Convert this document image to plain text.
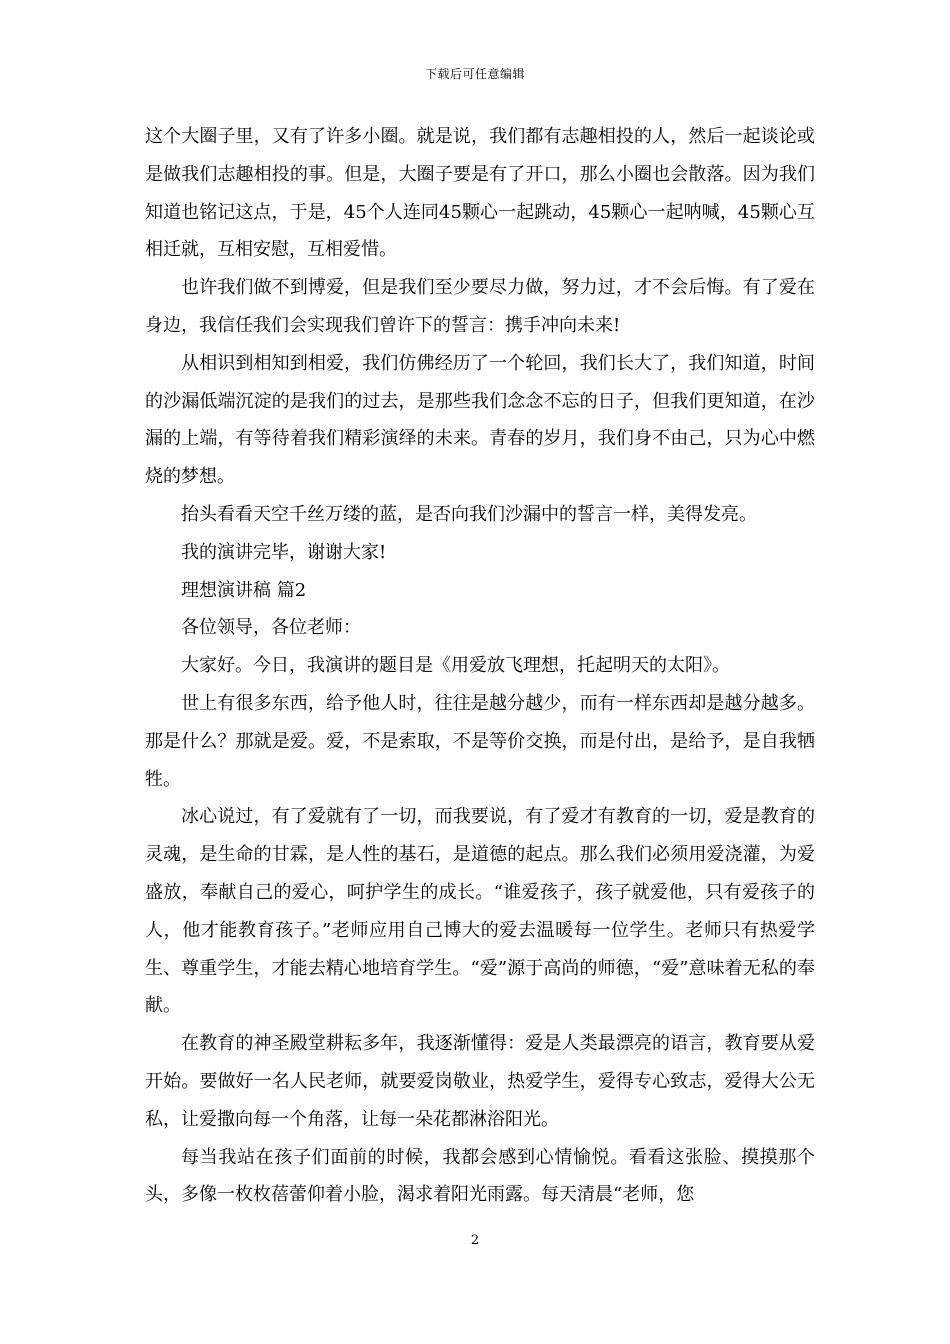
下载后可任意编辑

这个大圈子里，又有了许多小圈。就是说，我们都有志趣相投的人，然后一起谈论或是做我们志趣相投的事。但是，大圈子要是有了开口，那么小圈也会散落。因为我们知道也铭记这点，于是，45个人连同45颗心一起跳动，45颗心一起呐喊，45颗心互相迁就，互相安慰，互相爱惜。

也许我们做不到博爱，但是我们至少要尽力做，努力过，才不会后悔。有了爱在身边，我信任我们会实现我们曾许下的誓言：携手冲向未来!

从相识到相知到相爱，我们仿佛经历了一个轮回，我们长大了，我们知道，时间的沙漏低端沉淀的是我们的过去，是那些我们念念不忘的日子，但我们更知道，在沙漏的上端，有等待着我们精彩演绎的未来。青春的岁月，我们身不由己，只为心中燃烧的梦想。

抬头看看天空千丝万缕的蓝，是否向我们沙漏中的誓言一样，美得发亮。

我的演讲完毕，谢谢大家!

理想演讲稿 篇2

各位领导，各位老师：

大家好。今日，我演讲的题目是《用爱放飞理想，托起明天的太阳》。

世上有很多东西，给予他人时，往往是越分越少，而有一样东西却是越分越多。那是什么？那就是爱。爱，不是索取，不是等价交换，而是付出，是给予，是自我牺牲。

冰心说过，有了爱就有了一切，而我要说，有了爱才有教育的一切，爱是教育的灵魂，是生命的甘霖，是人性的基石，是道德的起点。那么我们必须用爱浇灌，为爱盛放，奉献自己的爱心，呵护学生的成长。“谁爱孩子，孩子就爱他，只有爱孩子的人，他才能教育孩子。”老师应用自己博大的爱去温暖每一位学生。老师只有热爱学生、尊重学生，才能去精心地培育学生。“爱”源于高尚的师德，“爱”意味着无私的奉献。

在教育的神圣殿堂耕耘多年，我逐渐懂得：爱是人类最漂亮的语言，教育要从爱开始。要做好一名人民老师，就要爱岗敬业，热爱学生，爱得专心致志，爱得大公无私，让爱撒向每一个角落，让每一朵花都淋浴阳光。

每当我站在孩子们面前的时候，我都会感到心情愉悦。看看这张脸、摸摸那个头，多像一枚枚蓓蕾仰着小脸，渴求着阳光雨露。每天清晨“老师，您

2
